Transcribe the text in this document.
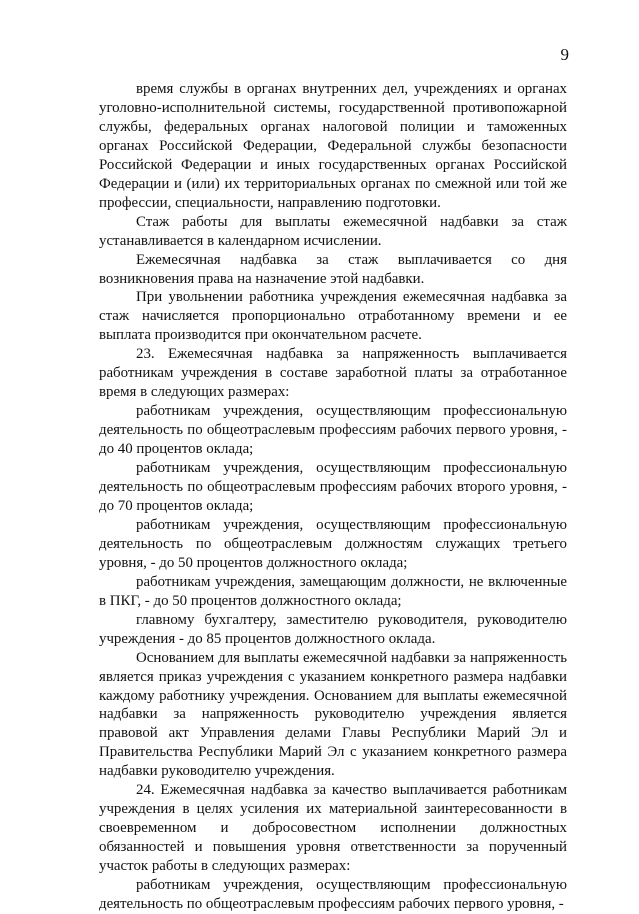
9

время службы в органах внутренних дел, учреждениях и органах уголовно-исполнительной системы, государственной противопожарной службы, федеральных органах налоговой полиции и таможенных органах Российской Федерации, Федеральной службы безопасности Российской Федерации и иных государственных органах Российской Федерации и (или) их территориальных органах по смежной или той же профессии, специальности, направлению подготовки.

Стаж работы для выплаты ежемесячной надбавки за стаж устанавливается в календарном исчислении.

Ежемесячная надбавка за стаж выплачивается со дня возникновения права на назначение этой надбавки.

При увольнении работника учреждения ежемесячная надбавка за стаж начисляется пропорционально отработанному времени и ее выплата производится при окончательном расчете.

23. Ежемесячная надбавка за напряженность выплачивается работникам учреждения в составе заработной платы за отработанное время в следующих размерах:

работникам учреждения, осуществляющим профессиональную деятельность по общеотраслевым профессиям рабочих первого уровня, - до 40 процентов оклада;

работникам учреждения, осуществляющим профессиональную деятельность по общеотраслевым профессиям рабочих второго уровня, - до 70 процентов оклада;

работникам учреждения, осуществляющим профессиональную деятельность по общеотраслевым должностям служащих третьего уровня, - до 50 процентов должностного оклада;

работникам учреждения, замещающим должности, не включенные в ПКГ, - до 50 процентов должностного оклада;

главному бухгалтеру, заместителю руководителя, руководителю учреждения - до 85 процентов должностного оклада.

Основанием для выплаты ежемесячной надбавки за напряженность является приказ учреждения с указанием конкретного размера надбавки каждому работнику учреждения. Основанием для выплаты ежемесячной надбавки за напряженность руководителю учреждения является правовой акт Управления делами Главы Республики Марий Эл и Правительства Республики Марий Эл с указанием конкретного размера надбавки руководителю учреждения.

24. Ежемесячная надбавка за качество выплачивается работникам учреждения в целях усиления их материальной заинтересованности в своевременном и добросовестном исполнении должностных обязанностей и повышения уровня ответственности за порученный участок работы в следующих размерах:

работникам учреждения, осуществляющим профессиональную деятельность по общеотраслевым профессиям рабочих первого уровня, -
